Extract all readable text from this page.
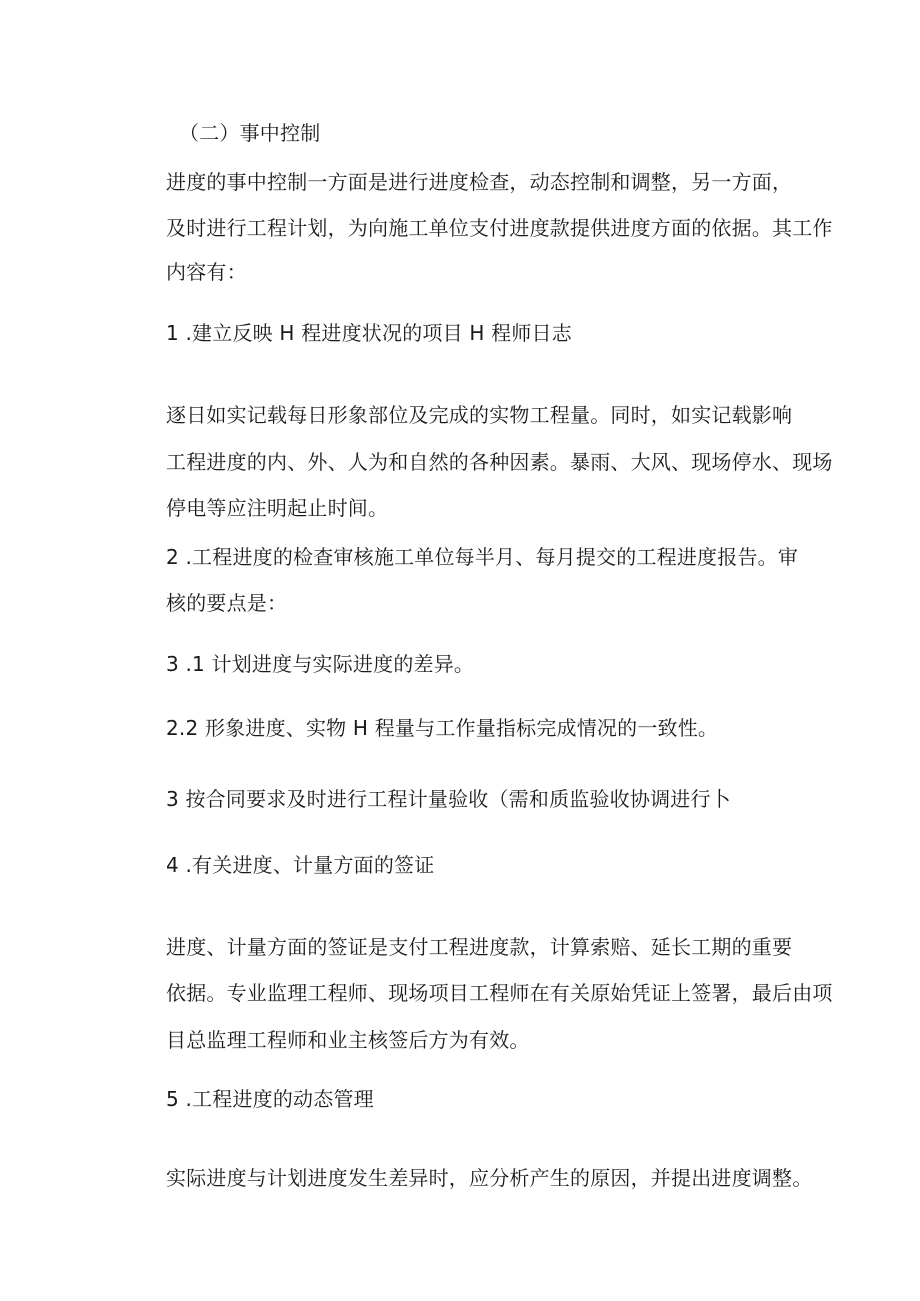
（二）事中控制
进度的事中控制一方面是进行进度检查，动态控制和调整，另一方面，
及时进行工程计划，为向施工单位支付进度款提供进度方面的依据。其工作
内容有：
1 .建立反映 H 程进度状况的项目 H 程师日志
逐日如实记载每日形象部位及完成的实物工程量。同时，如实记载影响
工程进度的内、外、人为和自然的各种因素。暴雨、大风、现场停水、现场
停电等应注明起止时间。
2 .工程进度的检查审核施工单位每半月、每月提交的工程进度报告。审
核的要点是：
3 .1 计划进度与实际进度的差异。
2.2 形象进度、实物 H 程量与工作量指标完成情况的一致性。
3 按合同要求及时进行工程计量验收（需和质监验收协调进行卜
4 .有关进度、计量方面的签证
进度、计量方面的签证是支付工程进度款，计算索赔、延长工期的重要
依据。专业监理工程师、现场项目工程师在有关原始凭证上签署，最后由项
目总监理工程师和业主核签后方为有效。
5 .工程进度的动态管理
实际进度与计划进度发生差异时，应分析产生的原因，并提出进度调整。
